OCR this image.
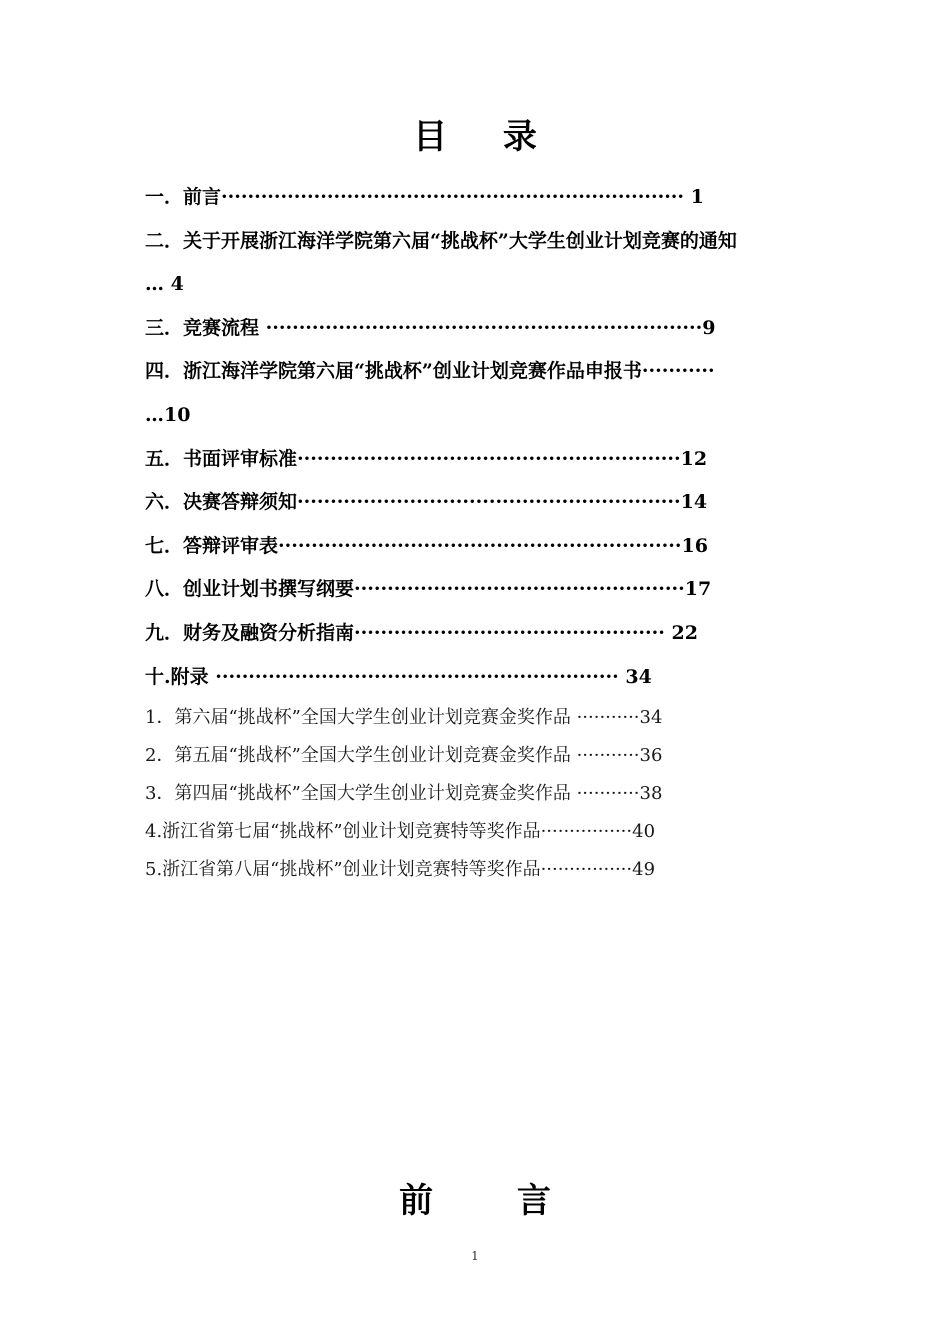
目 录
一．前言······································································ 1
二．关于开展浙江海洋学院第六届“挑战杯”大学生创业计划竞赛的通知
… 4
三．竞赛流程 ··································································9
四．浙江海洋学院第六届“挑战杯”创业计划竞赛作品申报书···········
…10
五．书面评审标准··························································12
六．决赛答辩须知··························································14
七．答辩评审表·····························································16
八．创业计划书撰写纲要··················································17
九．财务及融资分析指南··············································· 22
十.附录 ····························································· 34
1．第六届“挑战杯”全国大学生创业计划竞赛金奖作品 ···········34
2．第五届“挑战杯”全国大学生创业计划竞赛金奖作品 ···········36
3．第四届“挑战杯”全国大学生创业计划竞赛金奖作品 ···········38
4.浙江省第七届“挑战杯”创业计划竞赛特等奖作品················40
5.浙江省第八届“挑战杯”创业计划竞赛特等奖作品················49
前 言
1
